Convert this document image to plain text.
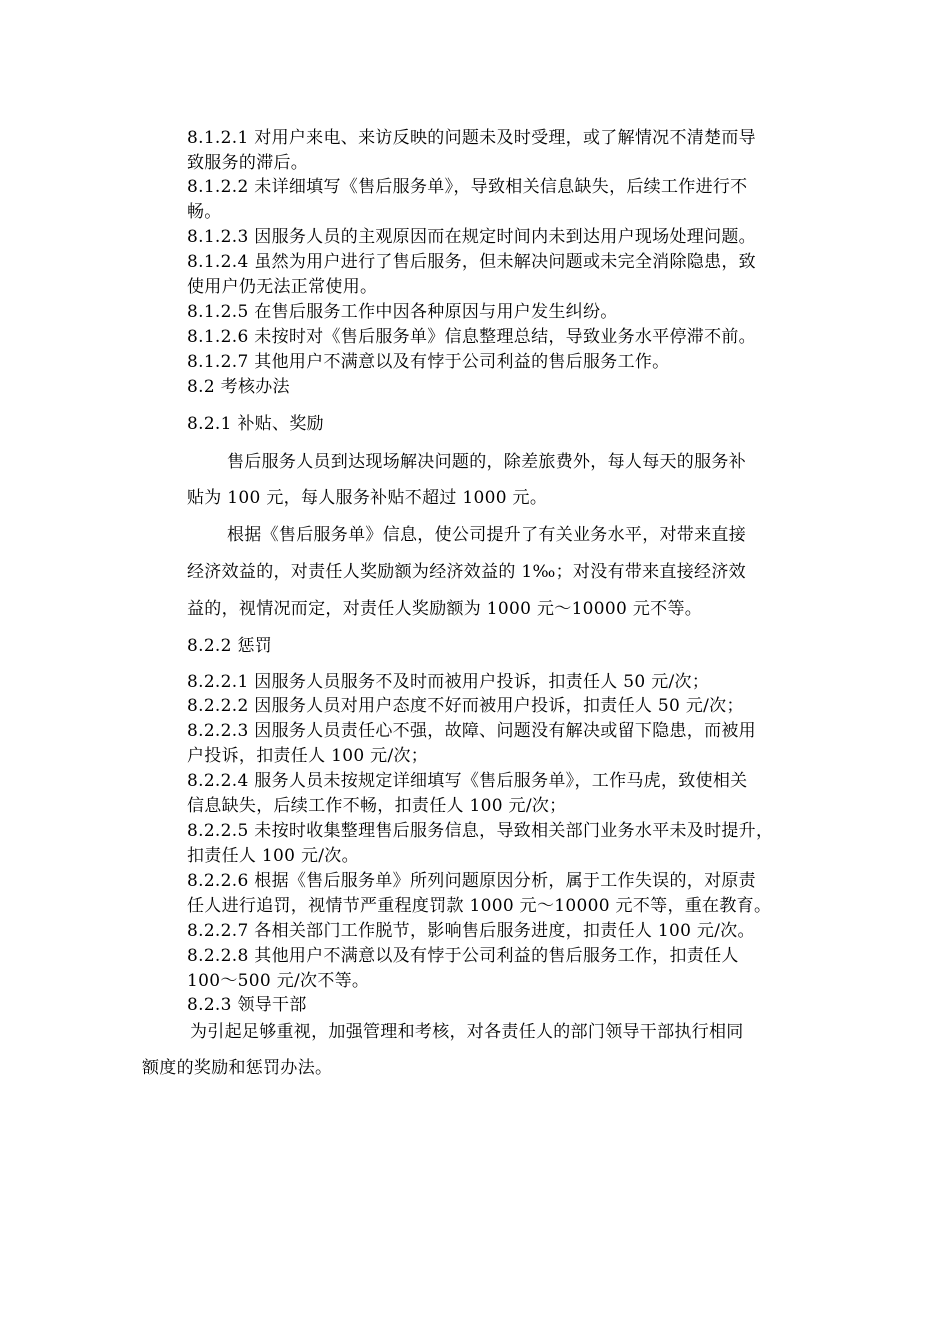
8.1.2.1 对用户来电、来访反映的问题未及时受理，或了解情况不清楚而导
致服务的滞后。
8.1.2.2 未详细填写《售后服务单》，导致相关信息缺失，后续工作进行不
畅。
8.1.2.3 因服务人员的主观原因而在规定时间内未到达用户现场处理问题。
8.1.2.4 虽然为用户进行了售后服务，但未解决问题或未完全消除隐患，致
使用户仍无法正常使用。
8.1.2.5 在售后服务工作中因各种原因与用户发生纠纷。
8.1.2.6 未按时对《售后服务单》信息整理总结，导致业务水平停滞不前。
8.1.2.7 其他用户不满意以及有悖于公司利益的售后服务工作。
8.2 考核办法
8.2.1 补贴、奖励
售后服务人员到达现场解决问题的，除差旅费外，每人每天的服务补
贴为 100 元，每人服务补贴不超过 1000 元。
根据《售后服务单》信息，使公司提升了有关业务水平，对带来直接
经济效益的，对责任人奖励额为经济效益的 1‰；对没有带来直接经济效
益的，视情况而定，对责任人奖励额为 1000 元～10000 元不等。
8.2.2 惩罚
8.2.2.1 因服务人员服务不及时而被用户投诉，扣责任人 50 元/次；
8.2.2.2 因服务人员对用户态度不好而被用户投诉，扣责任人 50 元/次；
8.2.2.3 因服务人员责任心不强，故障、问题没有解决或留下隐患，而被用
户投诉，扣责任人 100 元/次；
8.2.2.4 服务人员未按规定详细填写《售后服务单》，工作马虎，致使相关
信息缺失，后续工作不畅，扣责任人 100 元/次；
8.2.2.5 未按时收集整理售后服务信息，导致相关部门业务水平未及时提升，
扣责任人 100 元/次。
8.2.2.6 根据《售后服务单》所列问题原因分析，属于工作失误的，对原责
任人进行追罚，视情节严重程度罚款 1000 元～10000 元不等，重在教育。
8.2.2.7 各相关部门工作脱节，影响售后服务进度，扣责任人 100 元/次。
8.2.2.8 其他用户不满意以及有悖于公司利益的售后服务工作，扣责任人
100～500 元/次不等。
8.2.3 领导干部
为引起足够重视，加强管理和考核，对各责任人的部门领导干部执行相同
额度的奖励和惩罚办法。
